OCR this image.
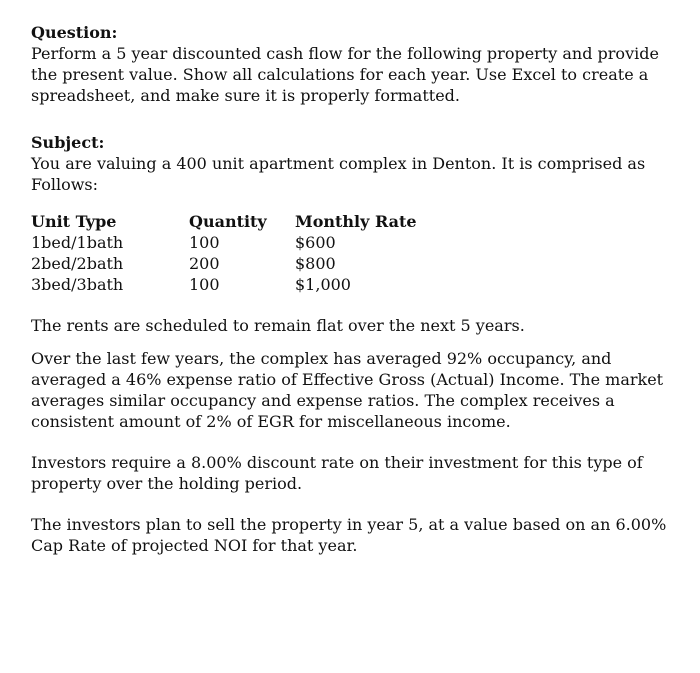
Question:

Perform a 5 year discounted cash flow for the following property and provide the present value. Show all calculations for each year. Use Excel to create a spreadsheet, and make sure it is properly formatted.

Subject:

You are valuing a 400 unit apartment complex in Denton. It is comprised as Follows:

Unit Type	Quantity	Monthly Rate
1bed/1bath	100	$600
2bed/2bath	200	$800
3bed/3bath	100	$1,000

The rents are scheduled to remain flat over the next 5 years.

Over the last few years, the complex has averaged 92% occupancy, and averaged a 46% expense ratio of Effective Gross (Actual) Income. The market averages similar occupancy and expense ratios. The complex receives a consistent amount of 2% of EGR for miscellaneous income.

Investors require a 8.00% discount rate on their investment for this type of property over the holding period.

The investors plan to sell the property in year 5, at a value based on an 6.00% Cap Rate of projected NOI for that year.
